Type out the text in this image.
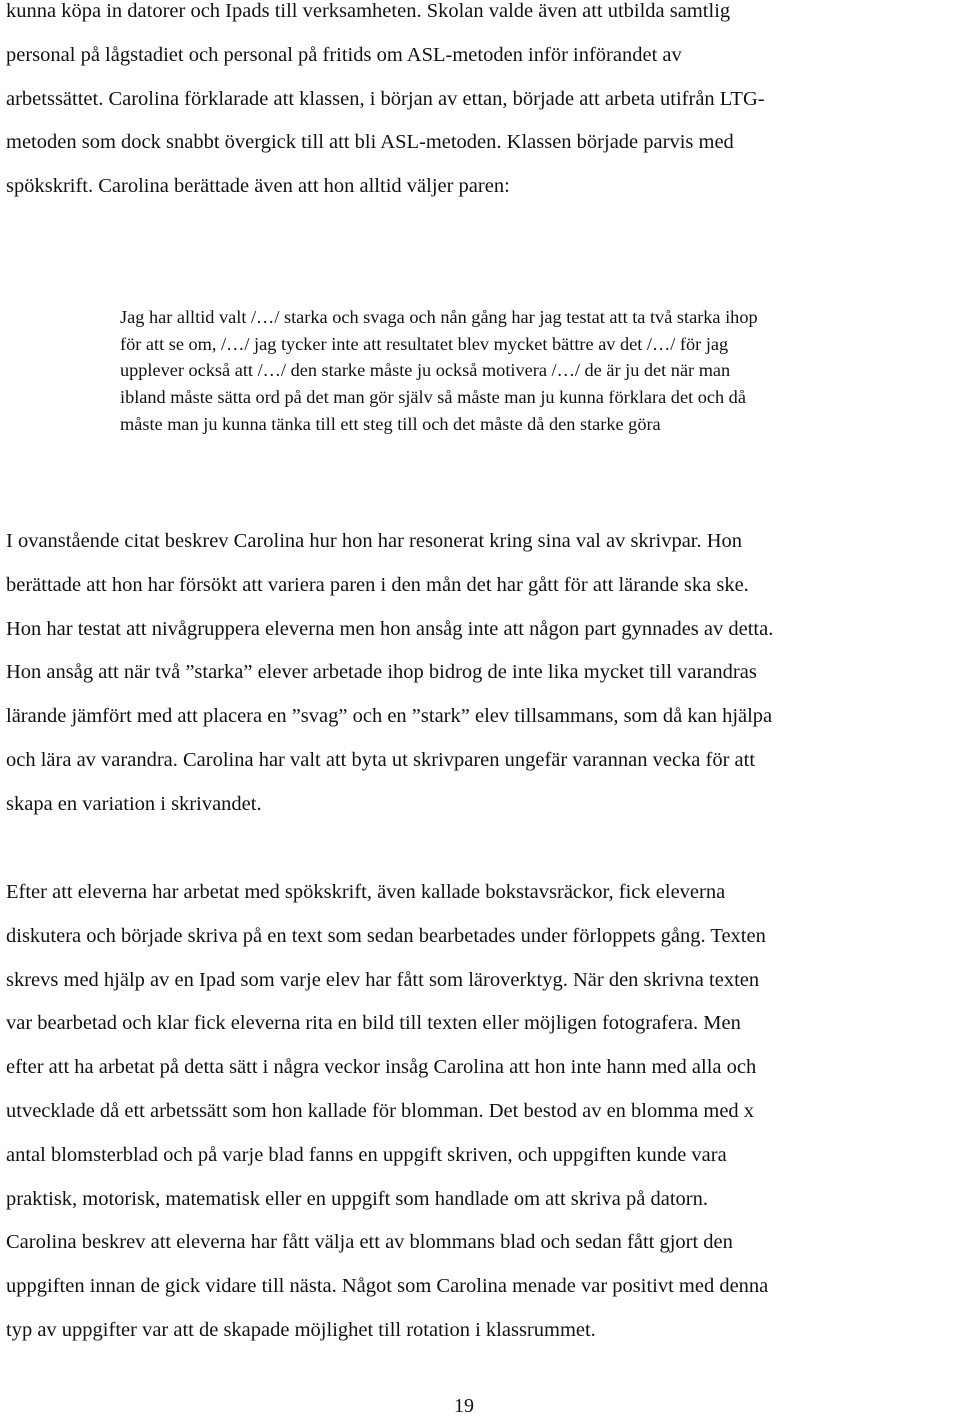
kunna köpa in datorer och Ipads till verksamheten. Skolan valde även att utbilda samtlig
personal på lågstadiet och personal på fritids om ASL-metoden inför införandet av
arbetssättet. Carolina förklarade att klassen, i början av ettan, började att arbeta utifrån LTG-
metoden som dock snabbt övergick till att bli ASL-metoden. Klassen började parvis med
spökskrift. Carolina berättade även att hon alltid väljer paren:
Jag har alltid valt /…/ starka och svaga och nån gång har jag testat att ta två starka ihop
för att se om, /…/ jag tycker inte att resultatet blev mycket bättre av det /…/ för jag
upplever också att /…/ den starke måste ju också motivera /…/ de är ju det när man
ibland måste sätta ord på det man gör själv så måste man ju kunna förklara det och då
måste man ju kunna tänka till ett steg till och det måste då den starke göra
I ovanstående citat beskrev Carolina hur hon har resonerat kring sina val av skrivpar. Hon
berättade att hon har försökt att variera paren i den mån det har gått för att lärande ska ske.
Hon har testat att nivågruppera eleverna men hon ansåg inte att någon part gynnades av detta.
Hon ansåg att när två ”starka” elever arbetade ihop bidrog de inte lika mycket till varandras
lärande jämfört med att placera en ”svag” och en ”stark” elev tillsammans, som då kan hjälpa
och lära av varandra. Carolina har valt att byta ut skrivparen ungefär varannan vecka för att
skapa en variation i skrivandet.
Efter att eleverna har arbetat med spökskrift, även kallade bokstavsräckor, fick eleverna
diskutera och började skriva på en text som sedan bearbetades under förloppets gång. Texten
skrevs med hjälp av en Ipad som varje elev har fått som läroverktyg. När den skrivna texten
var bearbetad och klar fick eleverna rita en bild till texten eller möjligen fotografera. Men
efter att ha arbetat på detta sätt i några veckor insåg Carolina att hon inte hann med alla och
utvecklade då ett arbetssätt som hon kallade för blomman. Det bestod av en blomma med x
antal blomsterblad och på varje blad fanns en uppgift skriven, och uppgiften kunde vara
praktisk, motorisk, matematisk eller en uppgift som handlade om att skriva på datorn.
Carolina beskrev att eleverna har fått välja ett av blommans blad och sedan fått gjort den
uppgiften innan de gick vidare till nästa. Något som Carolina menade var positivt med denna
typ av uppgifter var att de skapade möjlighet till rotation i klassrummet.
19
